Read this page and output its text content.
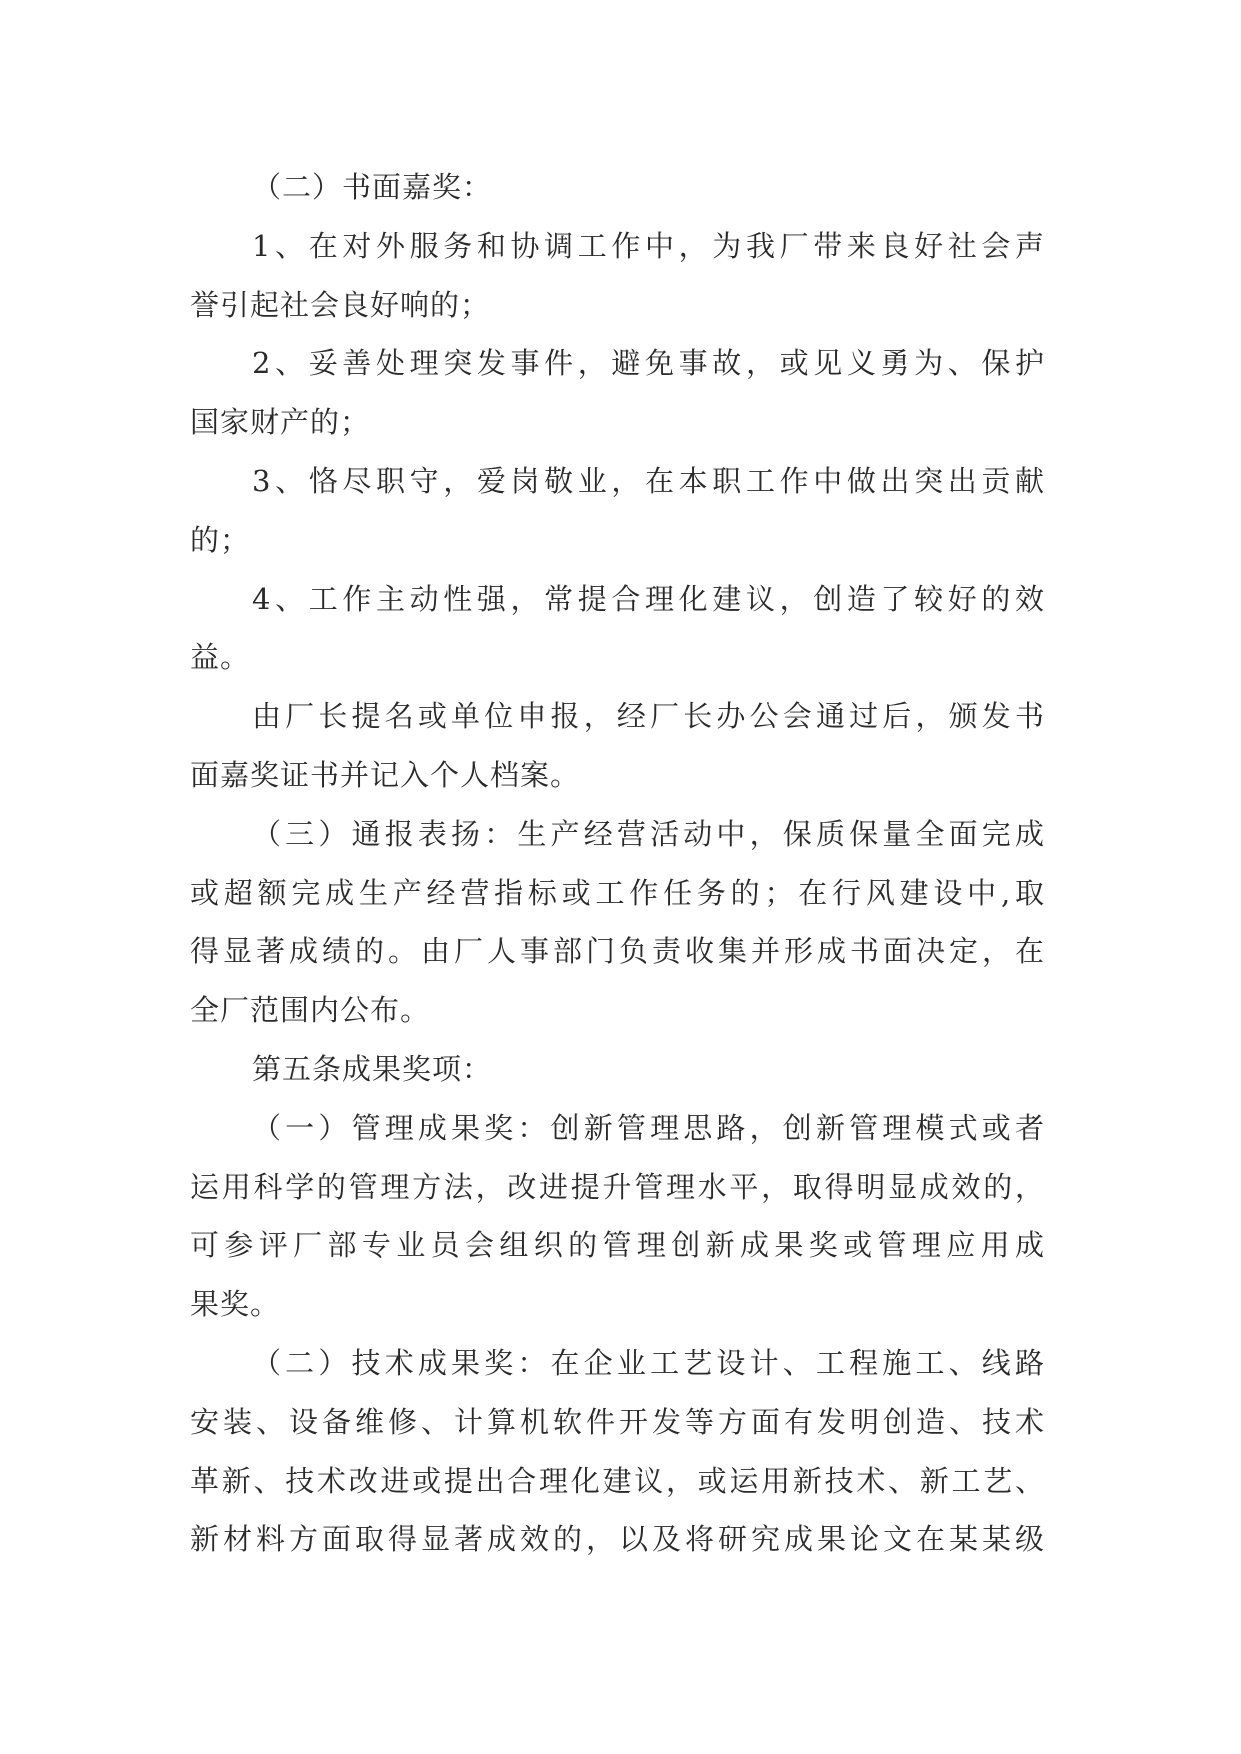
（二）书面嘉奖：
1、在对外服务和协调工作中，为我厂带来良好社会声
誉引起社会良好响的；
2、妥善处理突发事件，避免事故，或见义勇为、保护
国家财产的；
3、恪尽职守，爱岗敬业，在本职工作中做出突出贡献
的；
4、工作主动性强，常提合理化建议，创造了较好的效
益。
由厂长提名或单位申报，经厂长办公会通过后，颁发书
面嘉奖证书并记入个人档案。
（三）通报表扬：生产经营活动中，保质保量全面完成
或超额完成生产经营指标或工作任务的；在行风建设中,取
得显著成绩的。由厂人事部门负责收集并形成书面决定，在
全厂范围内公布。
第五条成果奖项：
（一）管理成果奖：创新管理思路，创新管理模式或者
运用科学的管理方法，改进提升管理水平，取得明显成效的，
可参评厂部专业员会组织的管理创新成果奖或管理应用成
果奖。
（二）技术成果奖：在企业工艺设计、工程施工、线路
安装、设备维修、计算机软件开发等方面有发明创造、技术
革新、技术改进或提出合理化建议，或运用新技术、新工艺、
新材料方面取得显著成效的，以及将研究成果论文在某某级
